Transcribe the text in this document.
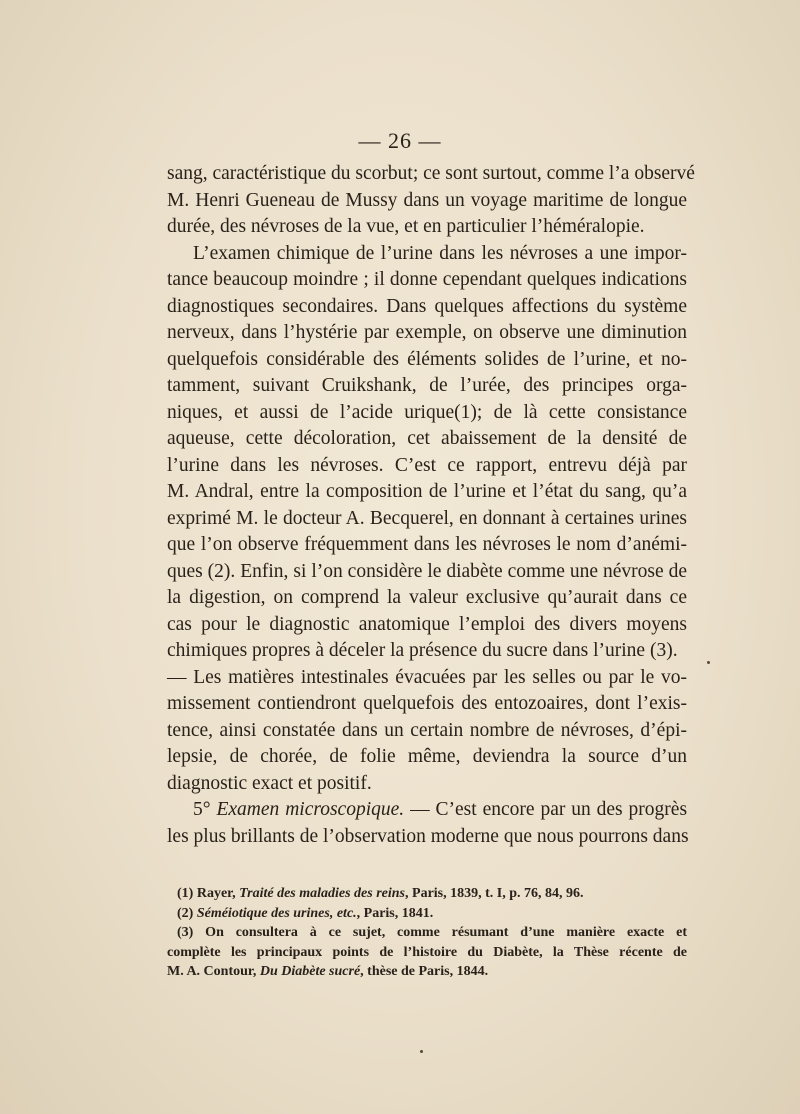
— 26 —
sang, caractéristique du scorbut; ce sont surtout, comme l’a observé
M. Henri Gueneau de Mussy dans un voyage maritime de longue
durée, des névroses de la vue, et en particulier l’héméralopie.
L’examen chimique de l’urine dans les névroses a une impor-
tance beaucoup moindre ; il donne cependant quelques indications
diagnostiques secondaires. Dans quelques affections du système
nerveux, dans l’hystérie par exemple, on observe une diminution
quelquefois considérable des éléments solides de l’urine, et no-
tamment, suivant Cruikshank, de l’urée, des principes orga-
niques, et aussi de l’acide urique(1); de là cette consistance
aqueuse, cette décoloration, cet abaissement de la densité de
l’urine dans les névroses. C’est ce rapport, entrevu déjà par
M. Andral, entre la composition de l’urine et l’état du sang, qu’a
exprimé M. le docteur A. Becquerel, en donnant à certaines urines
que l’on observe fréquemment dans les névroses le nom d’anémi-
ques (2). Enfin, si l’on considère le diabète comme une névrose de
la digestion, on comprend la valeur exclusive qu’aurait dans ce
cas pour le diagnostic anatomique l’emploi des divers moyens
chimiques propres à déceler la présence du sucre dans l’urine (3).
— Les matières intestinales évacuées par les selles ou par le vo-
missement contiendront quelquefois des entozoaires, dont l’exis-
tence, ainsi constatée dans un certain nombre de névroses, d’épi-
lepsie, de chorée, de folie même, deviendra la source d’un
diagnostic exact et positif.
5° Examen microscopique. — C’est encore par un des progrès
les plus brillants de l’observation moderne que nous pourrons dans
(1) Rayer, Traité des maladies des reins, Paris, 1839, t. I, p. 76, 84, 96.
(2) Séméiotique des urines, etc., Paris, 1841.
(3) On consultera à ce sujet, comme résumant d’une manière exacte et
complète les principaux points de l’histoire du Diabète, la Thèse récente de
M. A. Contour, Du Diabète sucré, thèse de Paris, 1844.
